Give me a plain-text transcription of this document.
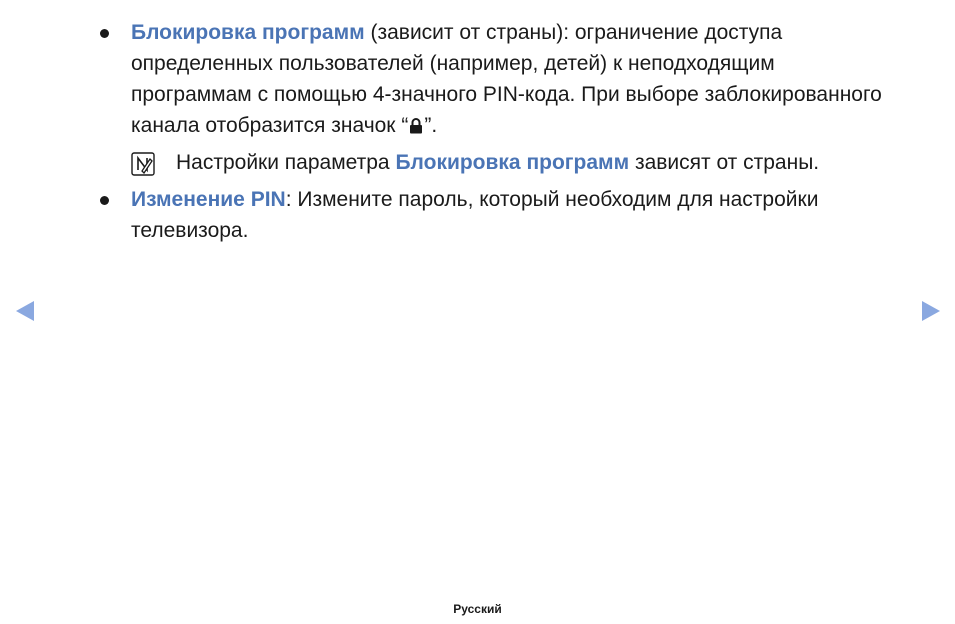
Блокировка программ (зависит от страны): ограничение доступа определенных пользователей (например, детей) к неподходящим программам с помощью 4-значного PIN-кода. При выборе заблокированного канала отобразится значок “ ”.
Настройки параметра Блокировка программ зависят от страны.
Изменение PIN: Измените пароль, который необходим для настройки телевизора.
Русский
